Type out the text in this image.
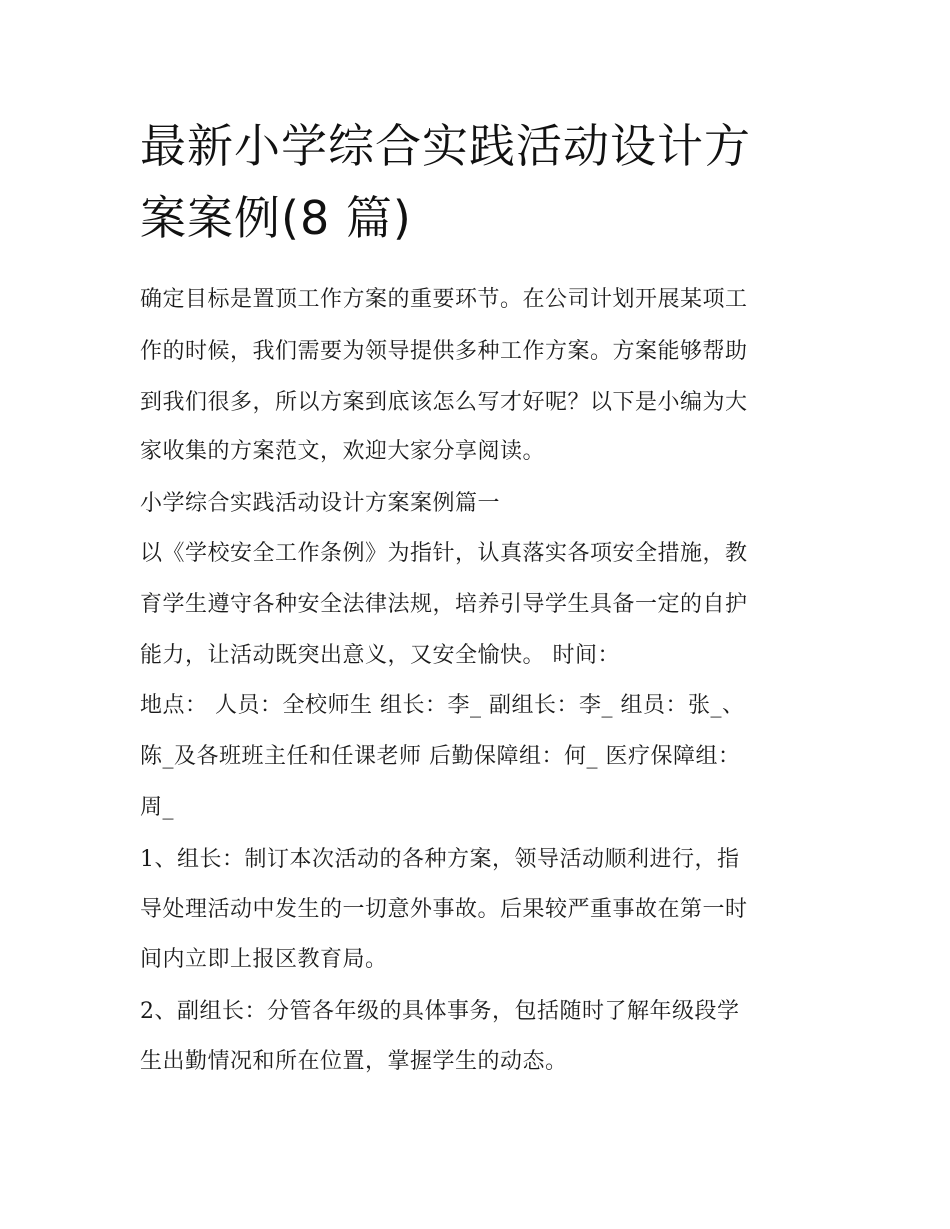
最新小学综合实践活动设计方
案案例(8 篇)

确定目标是置顶工作方案的重要环节。在公司计划开展某项工

作的时候，我们需要为领导提供多种工作方案。方案能够帮助

到我们很多，所以方案到底该怎么写才好呢？以下是小编为大

家收集的方案范文，欢迎大家分享阅读。

小学综合实践活动设计方案案例篇一

以《学校安全工作条例》为指针，认真落实各项安全措施，教

育学生遵守各种安全法律法规，培养引导学生具备一定的自护

能力，让活动既突出意义，又安全愉快。 时间：

地点： 人员：全校师生 组长：李_ 副组长：李_ 组员：张_、

陈_及各班班主任和任课老师 后勤保障组：何_ 医疗保障组：

周_

1、组长：制订本次活动的各种方案，领导活动顺利进行，指

导处理活动中发生的一切意外事故。后果较严重事故在第一时

间内立即上报区教育局。

2、副组长：分管各年级的具体事务，包括随时了解年级段学

生出勤情况和所在位置，掌握学生的动态。
